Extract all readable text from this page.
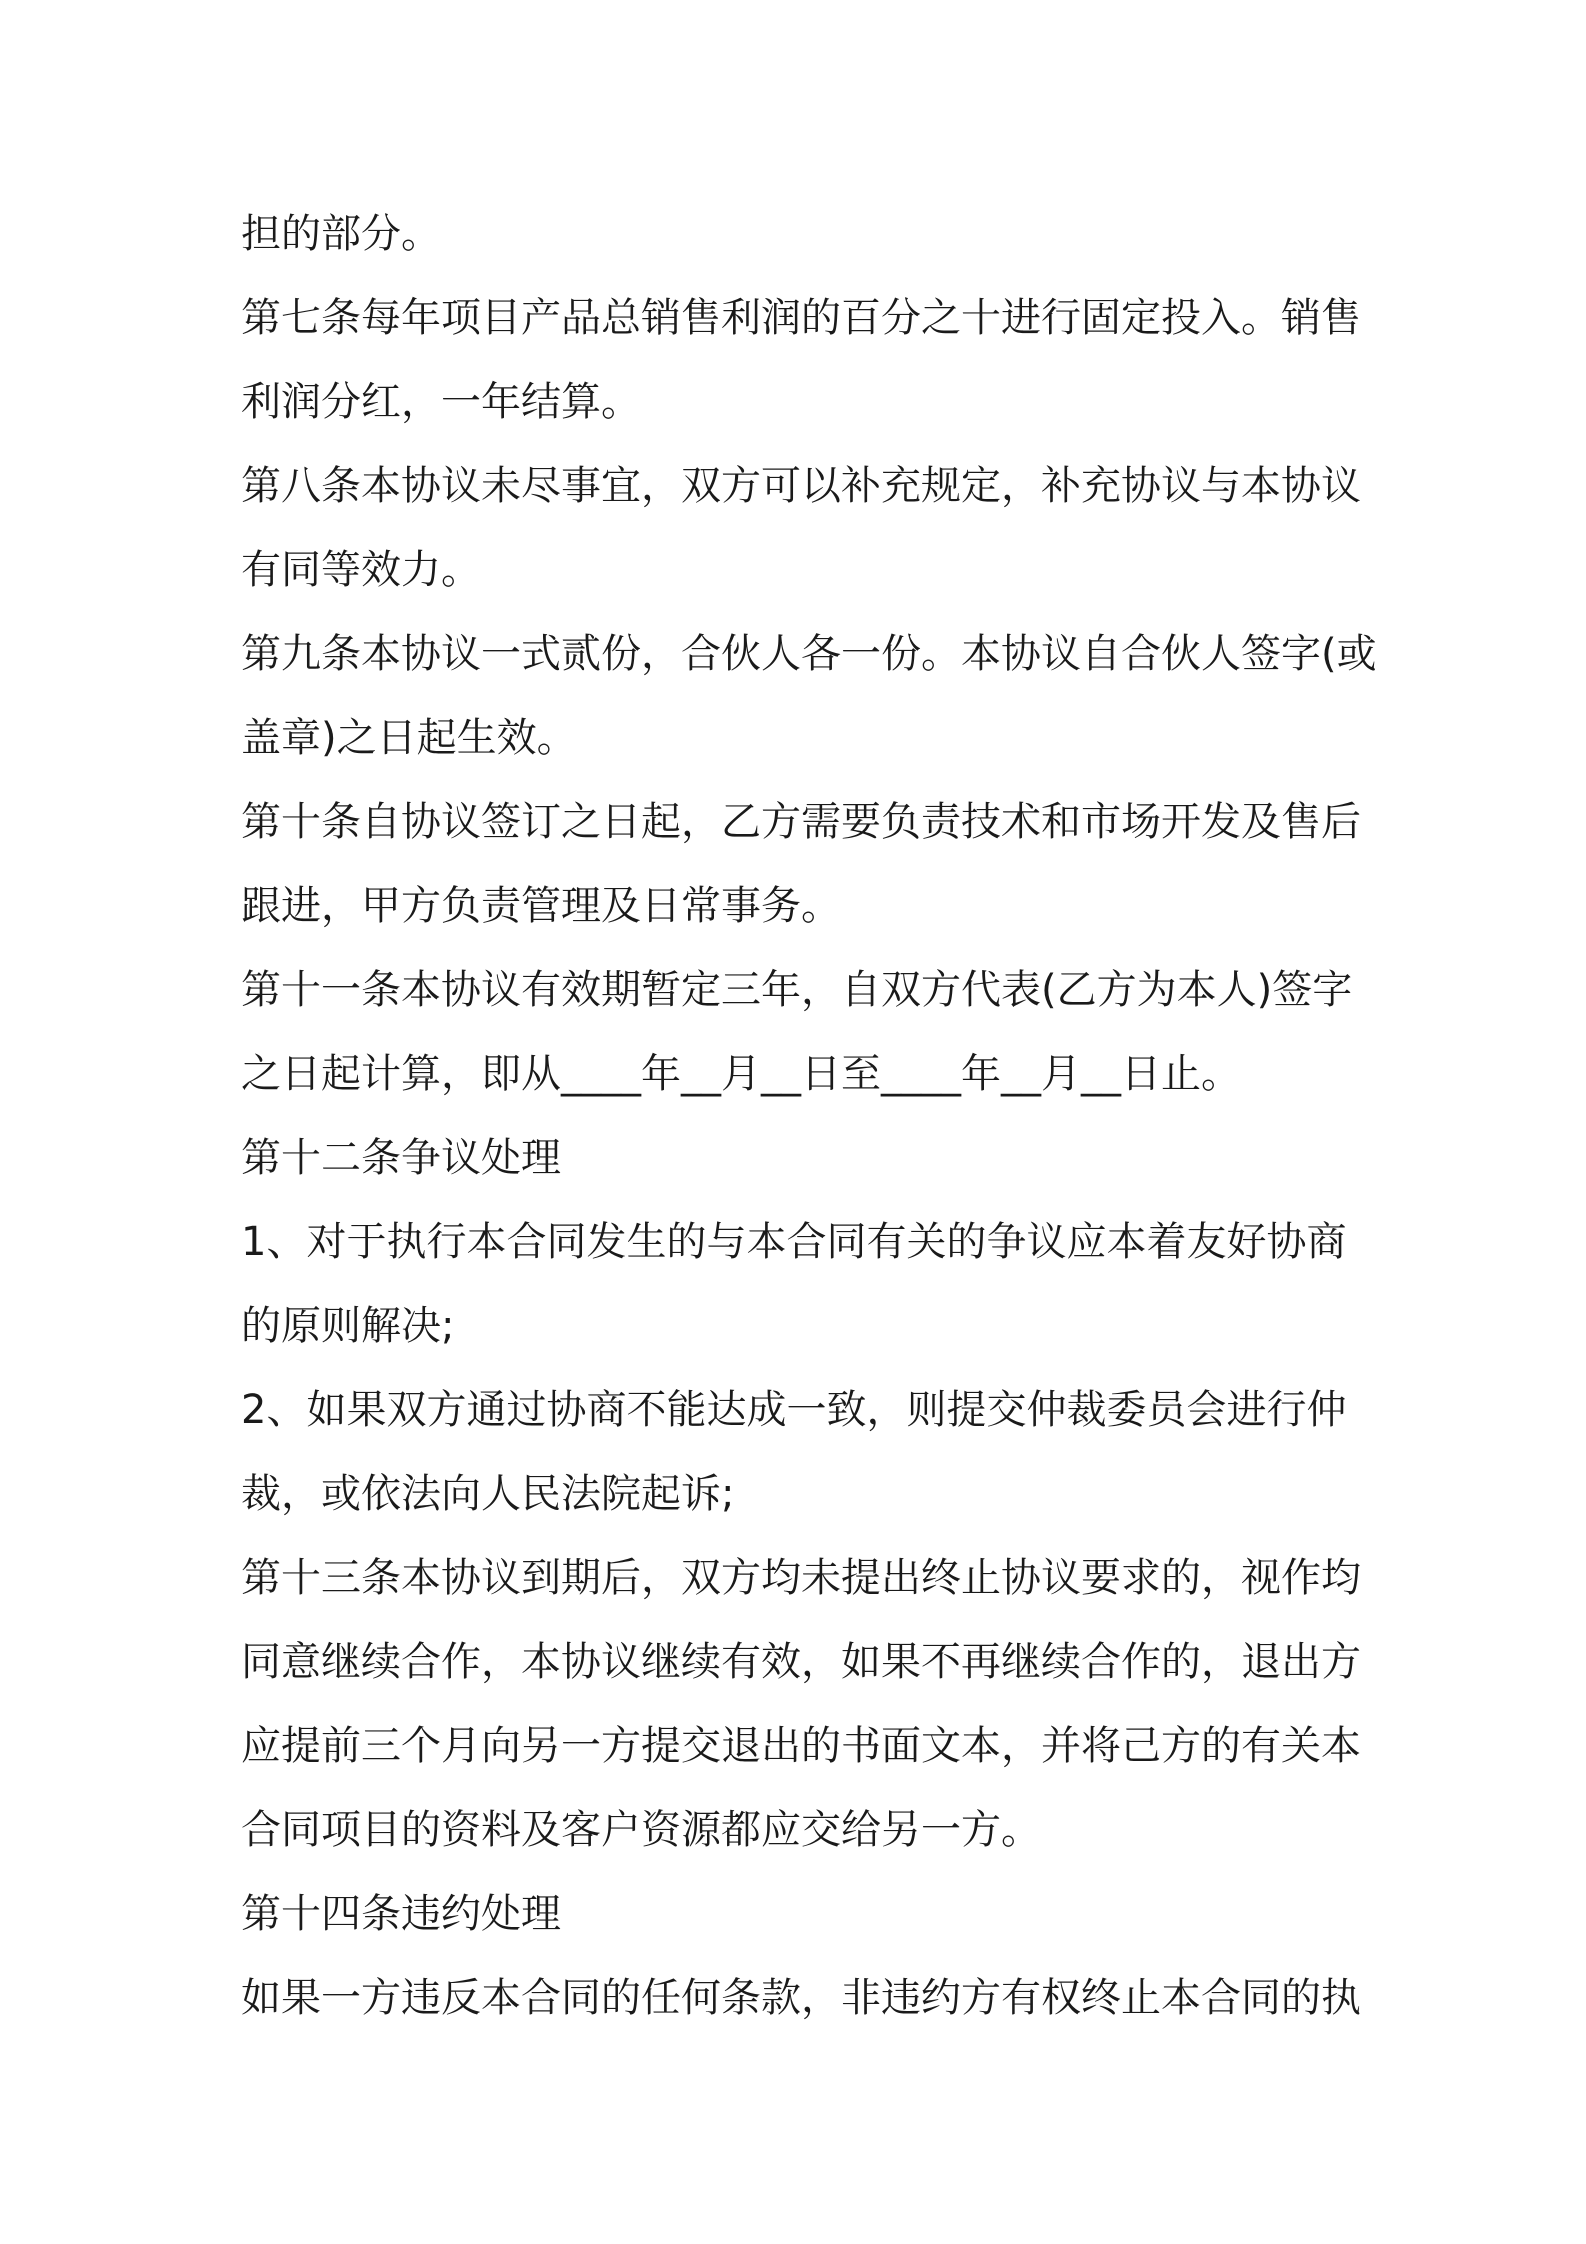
担的部分。
第七条每年项目产品总销售利润的百分之十进行固定投入。销售
利润分红，一年结算。
第八条本协议未尽事宜，双方可以补充规定，补充协议与本协议
有同等效力。
第九条本协议一式贰份，合伙人各一份。本协议自合伙人签字(或
盖章)之日起生效。
第十条自协议签订之日起，乙方需要负责技术和市场开发及售后
跟进，甲方负责管理及日常事务。
第十一条本协议有效期暂定三年，自双方代表(乙方为本人)签字
之日起计算，即从____年__月__日至____年__月__日止。
第十二条争议处理
1、对于执行本合同发生的与本合同有关的争议应本着友好协商
的原则解决;
2、如果双方通过协商不能达成一致，则提交仲裁委员会进行仲
裁，或依法向人民法院起诉;
第十三条本协议到期后，双方均未提出终止协议要求的，视作均
同意继续合作，本协议继续有效，如果不再继续合作的，退出方
应提前三个月向另一方提交退出的书面文本，并将己方的有关本
合同项目的资料及客户资源都应交给另一方。
第十四条违约处理
如果一方违反本合同的任何条款，非违约方有权终止本合同的执
